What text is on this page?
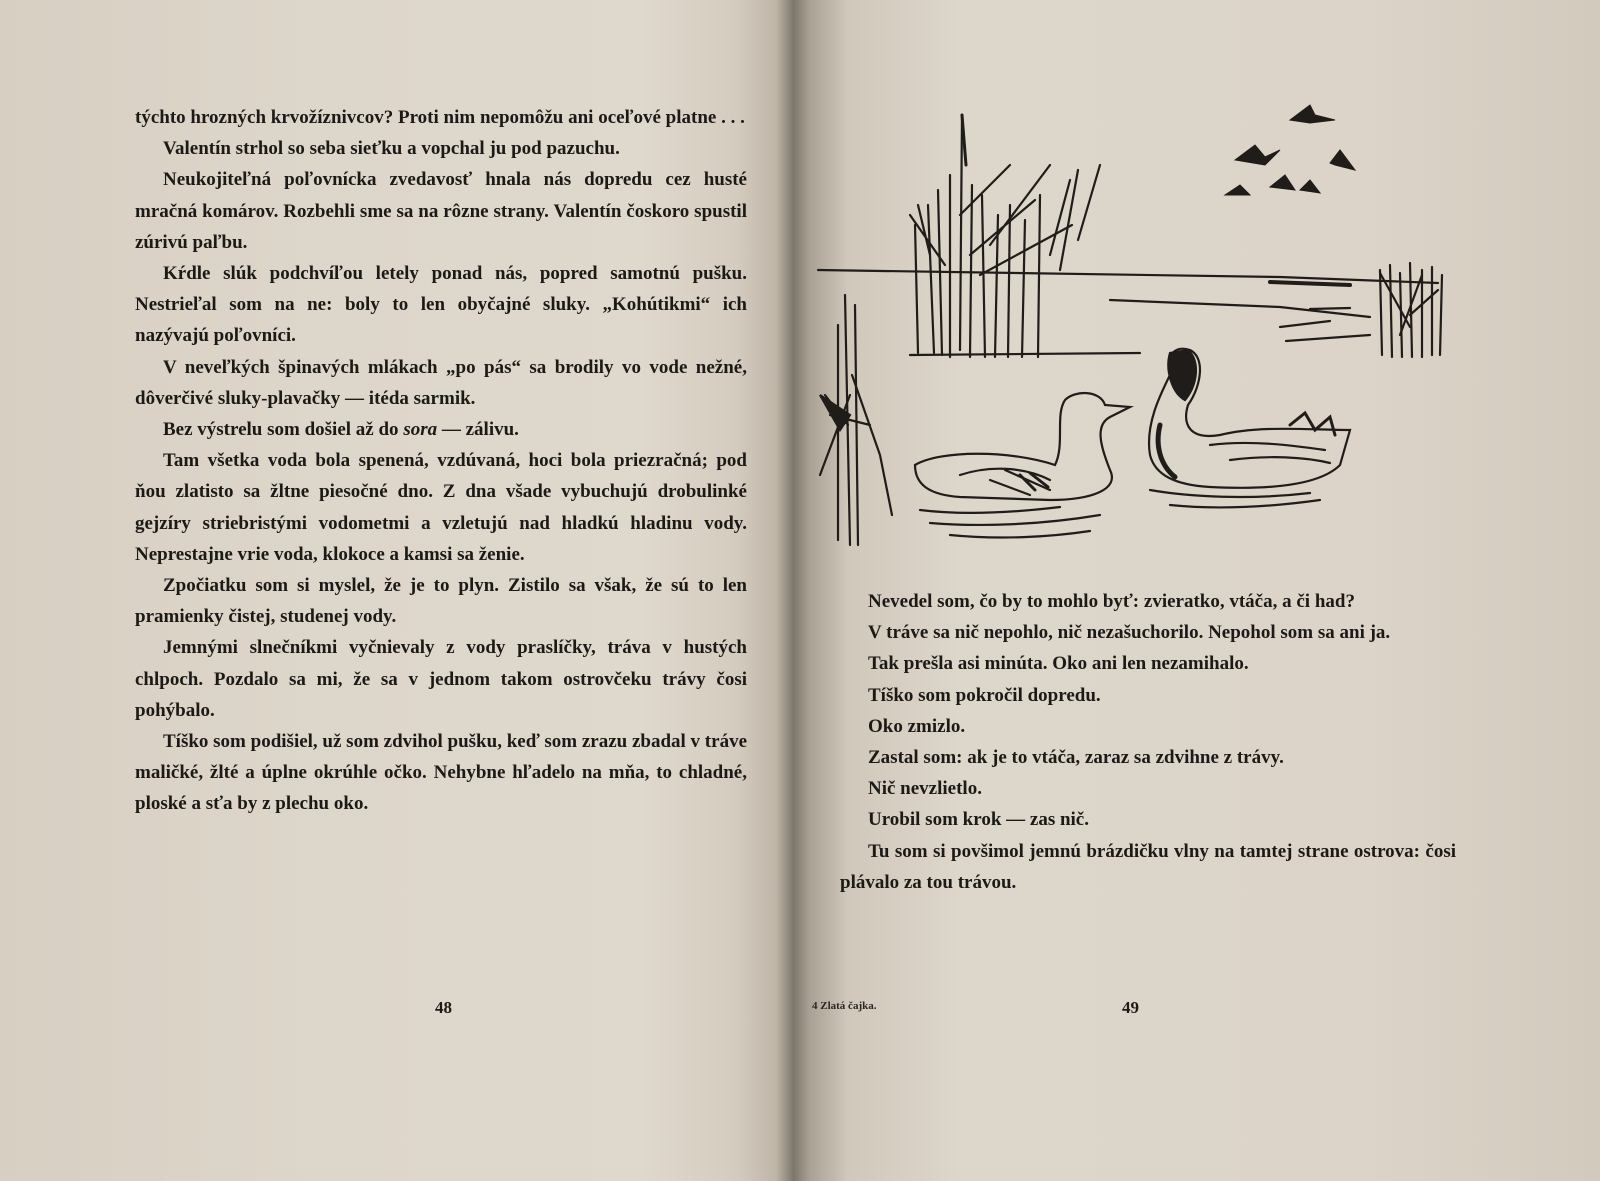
týchto hrozných krvožíznivcov? Proti nim nepomôžu ani oceľové platne . . .

Valentín strhol so seba sieťku a vopchal ju pod pazuchu.

Neukojiteľná poľovnícka zvedavosť hnala nás dopredu cez husté mračná komárov. Rozbehli sme sa na rôzne strany. Valentín čoskoro spustil zúrivú paľbu.

Kŕdle slúk podchvíľou letely ponad nás, popred samotnú pušku. Nestrieľal som na ne: boly to len obyčajné sluky. „Kohútikmi“ ich nazývajú poľovníci.

V neveľkých špinavých mlákach „po pás“ sa brodily vo vode nežné, dôverčivé sluky-plavačky — itéda sarmik.

Bez výstrelu som došiel až do sora — zálivu.

Tam všetka voda bola spenená, vzdúvaná, hoci bola priezračná; pod ňou zlatisto sa žltne piesočné dno. Z dna všade vybuchujú drobulinké gejzíry striebristými vodometmi a vzletujú nad hladkú hladinu vody. Neprestajne vrie voda, klokoce a kamsi sa ženie.

Zpočiatku som si myslel, že je to plyn. Zistilo sa však, že sú to len pramienky čistej, studenej vody.

Jemnými slnečníkmi vyčnievaly z vody praslíčky, tráva v hustých chlpoch. Pozdalo sa mi, že sa v jednom takom ostrovčeku trávy čosi pohýbalo.

Tíško som podišiel, už som zdvihol pušku, keď som zrazu zbadal v tráve maličké, žlté a úplne okrúhle očko. Nehybne hľadelo na mňa, to chladné, ploské a sťa by z plechu oko.

48

Nevedel som, čo by to mohlo byť: zvieratko, vtáča, a či had?

V tráve sa nič nepohlo, nič nezašuchorilo. Nepohol som sa ani ja.

Tak prešla asi minúta. Oko ani len nezamihalo.

Tíško som pokročil dopredu.

Oko zmizlo.

Zastal som: ak je to vtáča, zaraz sa zdvihne z trávy.

Nič nevzlietlo.

Urobil som krok — zas nič.

Tu som si povšimol jemnú brázdičku vlny na tamtej strane ostrova: čosi plávalo za tou trávou.

4 Zlatá čajka.	49
